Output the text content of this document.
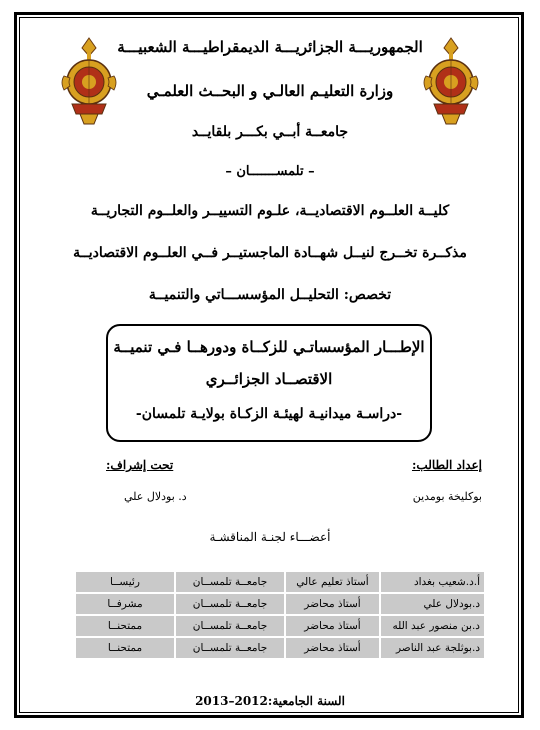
الجمهوريـــة الجزائريـــة الديمقراطيـــة الشعبيـــة
وزارة التعليـم العالـي و البحــث العلمـي
جامعــة أبــي بكـــر بلقايــد
– تلمســـــــان –
كليــة العلــوم الاقتصاديــة، علـوم التسييــر والعلــوم التجاريــة
مذكــرة تخــرج لنيــل شهــادة الماجستيــر فــي العلــوم الاقتصاديــة
تخصص: التحليــل المؤسســـاتي والتنميــة
الإطـــار المؤسساتـي للزكــاة ودورهــا فـي تنميــة
الاقتصــاد الجزائــري
-دراسـة ميدانيـة لهيئـة الزكـاة بولايـة تلمسان-
إعداد الطالب:
تحت إشراف:
بوكليخة بومدين
د. بودلال علي
أعضـــاء لجنـة المناقشـة
أ.د.شعيب بغداد	أستاذ تعليم عالي	جامعــة تلمســان	رئيســا
د.بودلال علي	أستاذ محاضر	جامعــة تلمســان	مشرفــا
د.بن منصور عبد الله	أستاذ محاضر	جامعــة تلمســان	ممتحنــا
د.بوثلجة عبد الناصر	أستاذ محاضر	جامعــة تلمســان	ممتحنــا
السنة الجامعية:2012–2013
